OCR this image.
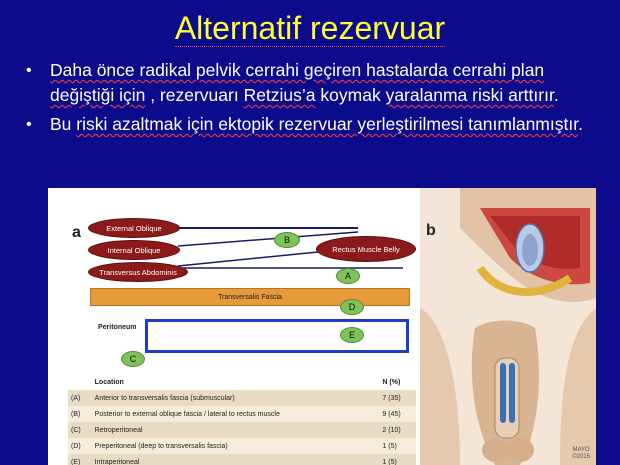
Alternatif rezervuar
• Daha önce radikal pelvik cerrahi geçiren hastalarda cerrahi plan değiştiği için , rezervuarı Retzius’a koymak yaralanma riski arttırır.
• Bu riski azaltmak için ektopik rezervuar yerleştirilmesi tanımlanmıştır.
a	External Oblique
Internal Oblique
Transversus Abdominis
Rectus Muscle Belly
B
A
Transversalis Fascia
D
Peritoneum
E
C
	Location	N (%)
(A)	Anterior to transversalis fascia (submuscular)	7 (35)
(B)	Posterior to external oblique fascia / lateral to rectus muscle	9 (45)
(C)	Retroperitoneal	2 (10)
(D)	Preperitoneal (deep to transversalis fascia)	1 (5)
(E)	Intraperitoneal	1 (5)
b
MAYO
©2015
